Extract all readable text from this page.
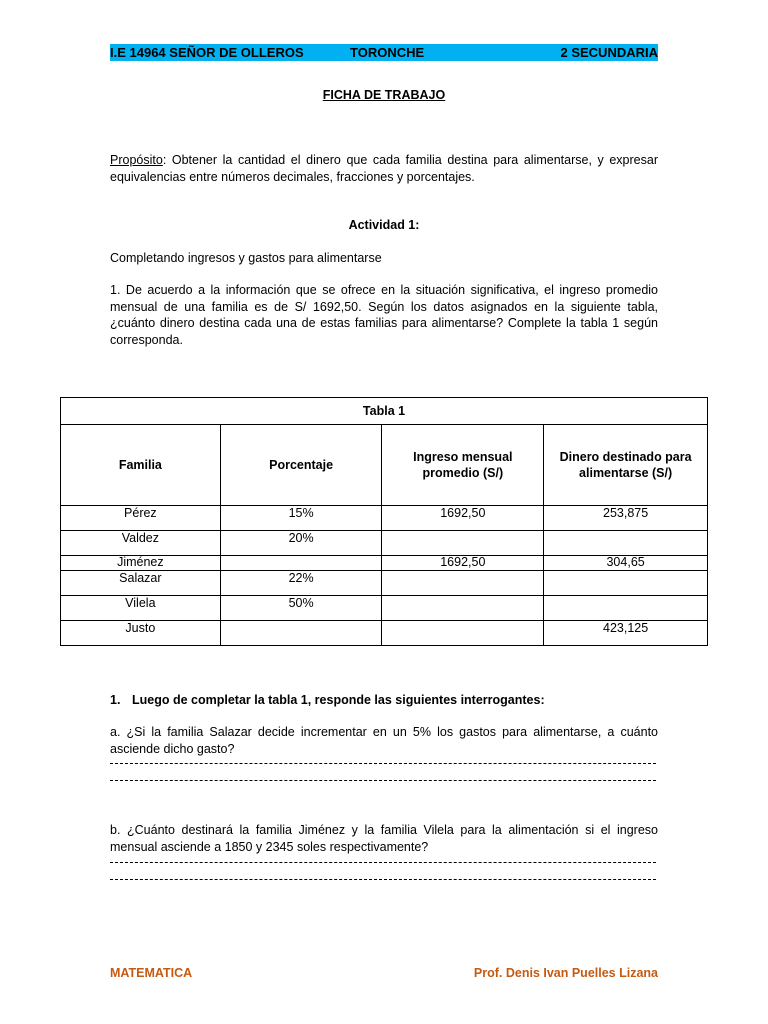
I.E 14964 SEÑOR DE OLLEROS	TORONCHE	2 SECUNDARIA
FICHA DE TRABAJO
Propósito: Obtener la cantidad el dinero que cada familia destina para alimentarse, y expresar equivalencias entre números decimales, fracciones y porcentajes.
Actividad 1:
Completando ingresos y gastos para alimentarse
1. De acuerdo a la información que se ofrece en la situación significativa, el ingreso promedio mensual de una familia es de S/ 1692,50. Según los datos asignados en la siguiente tabla, ¿cuánto dinero destina cada una de estas familias para alimentarse? Complete la tabla 1 según corresponda.
Tabla 1			
Familia	Porcentaje	Ingreso mensual promedio (S/)	Dinero destinado para alimentarse (S/)
Pérez	15%	1692,50	253,875
Valdez	20%		
Jiménez		1692,50	304,65
Salazar	22%		
Vilela	50%		
Justo			423,125
1. Luego de completar la tabla 1, responde las siguientes interrogantes:
a. ¿Si la familia Salazar decide incrementar en un 5% los gastos para alimentarse, a cuánto asciende dicho gasto?
b. ¿Cuánto destinará la familia Jiménez y la familia Vilela para la alimentación si el ingreso mensual asciende a 1850 y 2345 soles respectivamente?
MATEMATICA	Prof. Denis Ivan Puelles Lizana
